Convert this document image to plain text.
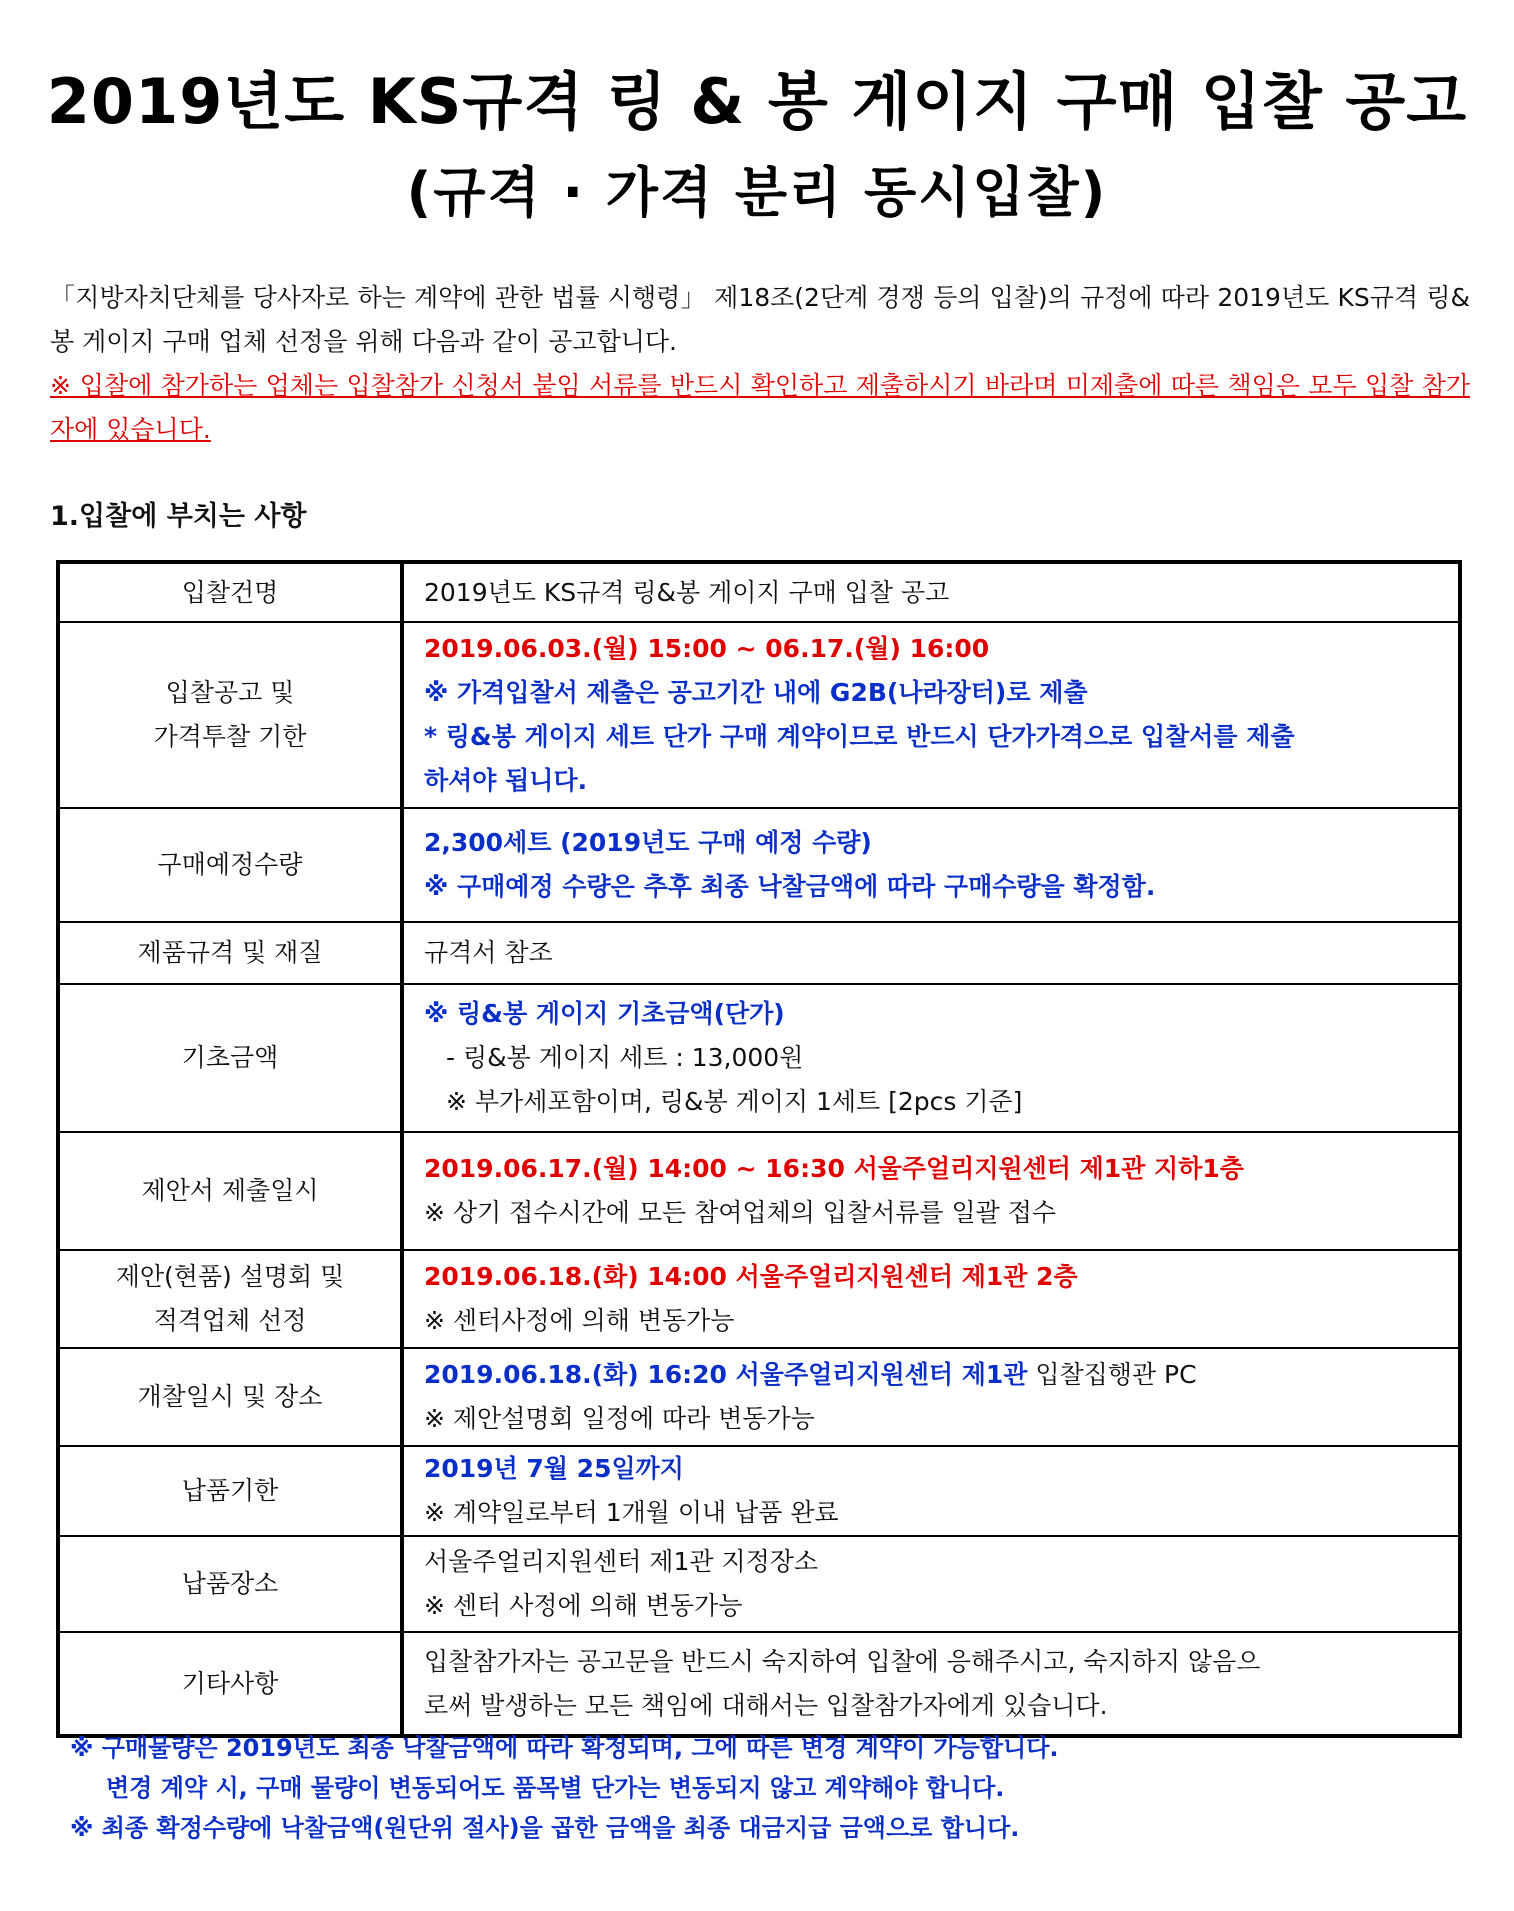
2019년도 KS규격 링 & 봉 게이지 구매 입찰 공고
(규격 · 가격 분리 동시입찰)
「지방자치단체를 당사자로 하는 계약에 관한 법률 시행령」 제18조(2단계 경쟁 등의 입찰)의 규정에 따라 2019년도 KS규격 링&봉 게이지 구매 업체 선정을 위해 다음과 같이 공고합니다.
※ 입찰에 참가하는 업체는 입찰참가 신청서 붙임 서류를 반드시 확인하고 제출하시기 바라며 미제출에 따른 책임은 모두 입찰 참가자에 있습니다.
1.입찰에 부치는 사항
입찰건명	2019년도 KS규격 링&봉 게이지 구매 입찰 공고

입찰공고 및
가격투찰 기한	2019.06.03.(월) 15:00 ~ 06.17.(월) 16:00
※ 가격입찰서 제출은 공고기간 내에 G2B(나라장터)로 제출
* 링&봉 게이지 세트 단가 구매 계약이므로 반드시 단가가격으로 입찰서를 제출
하셔야 됩니다.

구매예정수량	2,300세트 (2019년도 구매 예정 수량)
※ 구매예정 수량은 추후 최종 낙찰금액에 따라 구매수량을 확정함.

제품규격 및 재질	규격서 참조

기초금액	※ 링&봉 게이지 기초금액(단가)
- 링&봉 게이지 세트 : 13,000원
※ 부가세포함이며, 링&봉 게이지 1세트 [2pcs 기준]

제안서 제출일시	2019.06.17.(월) 14:00 ~ 16:30 서울주얼리지원센터 제1관 지하1층
※ 상기 접수시간에 모든 참여업체의 입찰서류를 일괄 접수

제안(현품) 설명회 및
적격업체 선정	2019.06.18.(화) 14:00 서울주얼리지원센터 제1관 2층
※ 센터사정에 의해 변동가능

개찰일시 및 장소	2019.06.18.(화) 16:20 서울주얼리지원센터 제1관 입찰집행관 PC
※ 제안설명회 일정에 따라 변동가능

납품기한	2019년 7월 25일까지
※ 계약일로부터 1개월 이내 납품 완료

납품장소	서울주얼리지원센터 제1관 지정장소
※ 센터 사정에 의해 변동가능

기타사항	입찰참가자는 공고문을 반드시 숙지하여 입찰에 응해주시고, 숙지하지 않음으
로써 발생하는 모든 책임에 대해서는 입찰참가자에게 있습니다.
※ 구매물량은 2019년도 최종 낙찰금액에 따라 확정되며, 그에 따른 변경 계약이 가능합니다.
변경 계약 시, 구매 물량이 변동되어도 품목별 단가는 변동되지 않고 계약해야 합니다.
※ 최종 확정수량에 낙찰금액(원단위 절사)을 곱한 금액을 최종 대금지급 금액으로 합니다.
